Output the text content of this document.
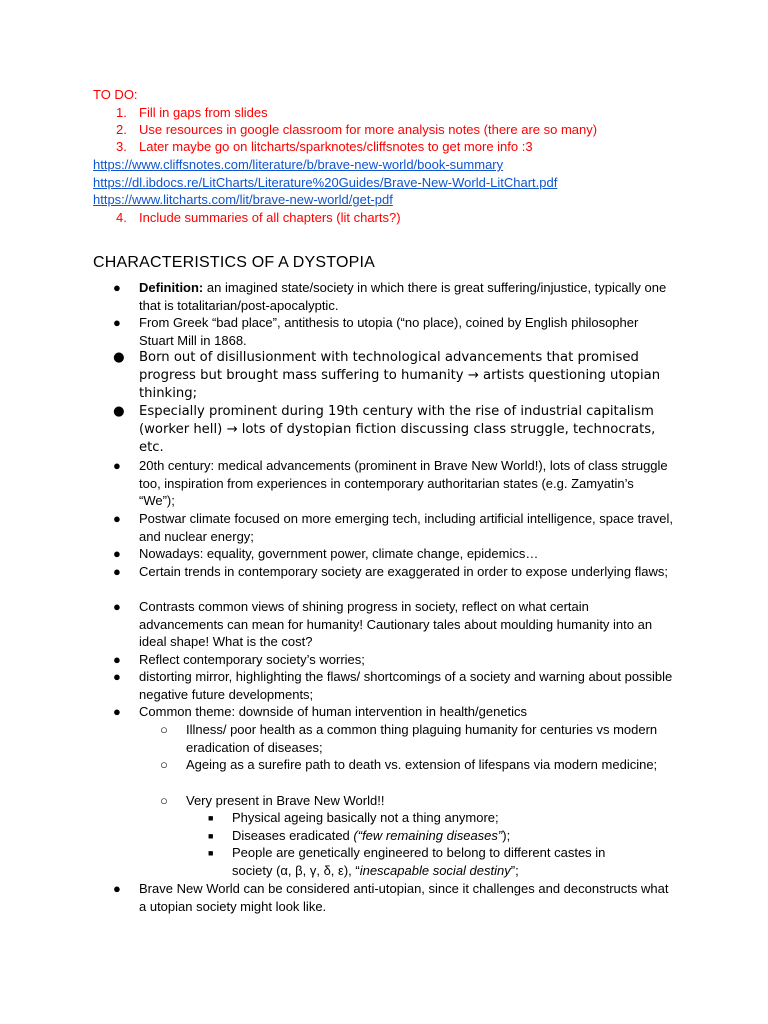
TO DO:
1. Fill in gaps from slides
2. Use resources in google classroom for more analysis notes (there are so many)
3. Later maybe go on litcharts/sparknotes/cliffsnotes to get more info :3
https://www.cliffsnotes.com/literature/b/brave-new-world/book-summary
https://dl.ibdocs.re/LitCharts/Literature%20Guides/Brave-New-World-LitChart.pdf
https://www.litcharts.com/lit/brave-new-world/get-pdf
4. Include summaries of all chapters (lit charts?)
CHARACTERISTICS OF A DYSTOPIA
● Definition: an imagined state/society in which there is great suffering/injustice, typically one that is totalitarian/post-apocalyptic.
● From Greek “bad place”, antithesis to utopia (“no place), coined by English philosopher Stuart Mill in 1868.
● Born out of disillusionment with technological advancements that promised progress but brought mass suffering to humanity → artists questioning utopian thinking;
● Especially prominent during 19th century with the rise of industrial capitalism (worker hell) → lots of dystopian fiction discussing class struggle, technocrats, etc.
● 20th century: medical advancements (prominent in Brave New World!), lots of class struggle too, inspiration from experiences in contemporary authoritarian states (e.g. Zamyatin’s “We”);
● Postwar climate focused on more emerging tech, including artificial intelligence, space travel, and nuclear energy;
● Nowadays: equality, government power, climate change, epidemics…
● Certain trends in contemporary society are exaggerated in order to expose underlying flaws;
● Contrasts common views of shining progress in society, reflect on what certain advancements can mean for humanity! Cautionary tales about moulding humanity into an ideal shape! What is the cost?
● Reflect contemporary society’s worries;
● distorting mirror, highlighting the flaws/ shortcomings of a society and warning about possible negative future developments;
● Common theme: downside of human intervention in health/genetics
○ Illness/ poor health as a common thing plaguing humanity for centuries vs modern eradication of diseases;
○ Ageing as a surefire path to death vs. extension of lifespans via modern medicine;
○ Very present in Brave New World!!
■ Physical ageing basically not a thing anymore;
■ Diseases eradicated (“few remaining diseases”);
■ People are genetically engineered to belong to different castes in society (α, β, γ, δ, ε), “inescapable social destiny”;
● Brave New World can be considered anti-utopian, since it challenges and deconstructs what a utopian society might look like.
